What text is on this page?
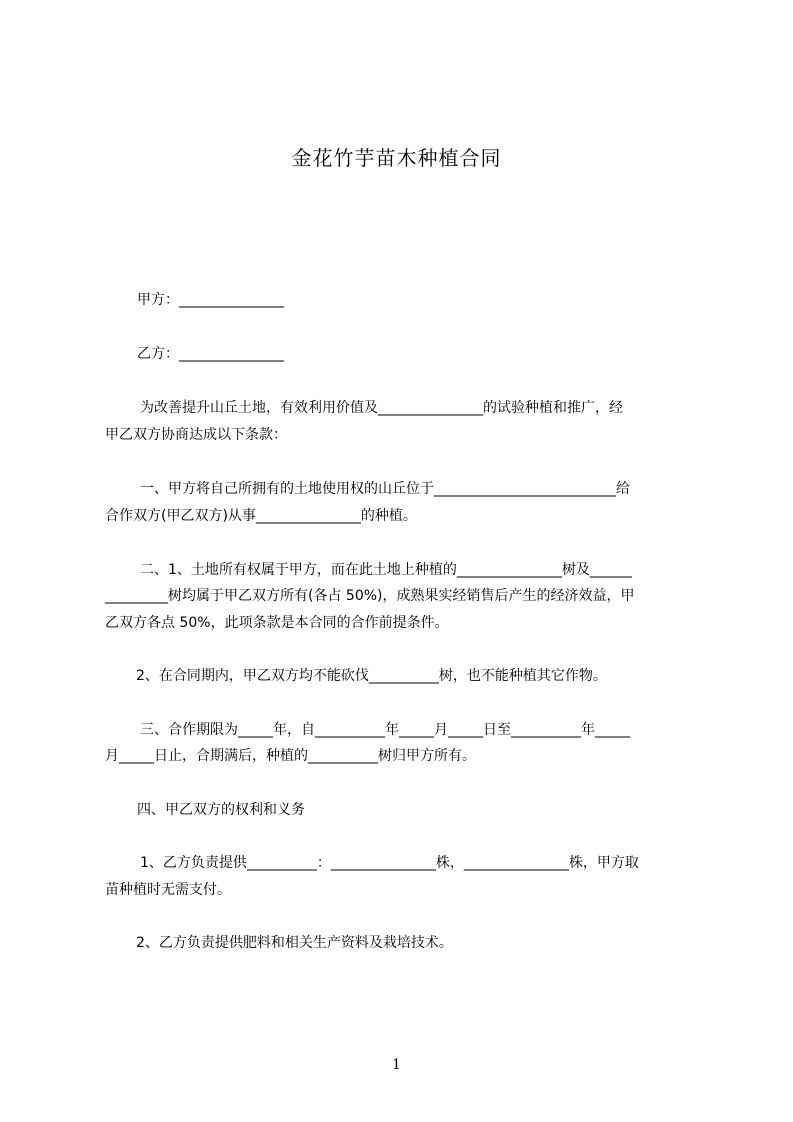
金花竹芋苗木种植合同
甲方：_______________
乙方：_______________
为改善提升山丘土地，有效利用价值及_______________的试验种植和推广，经
甲乙双方协商达成以下条款：
一、甲方将自己所拥有的土地使用权的山丘位于__________________________给
合作双方(甲乙双方)从事_______________的种植。
二、1、土地所有权属于甲方，而在此土地上种植的_______________树及______
_________树均属于甲乙双方所有(各占 50%)，成熟果实经销售后产生的经济效益，甲
乙双方各点 50%，此项条款是本合同的合作前提条件。
2、在合同期内，甲乙双方均不能砍伐__________树，也不能种植其它作物。
三、合作期限为_____年，自__________年_____月_____日至__________年_____
月_____日止，合期满后，种植的__________树归甲方所有。
四、甲乙双方的权利和义务
1、乙方负责提供__________：_______________株，_______________株，甲方取
苗种植时无需支付。
2、乙方负责提供肥料和相关生产资料及栽培技术。
1
